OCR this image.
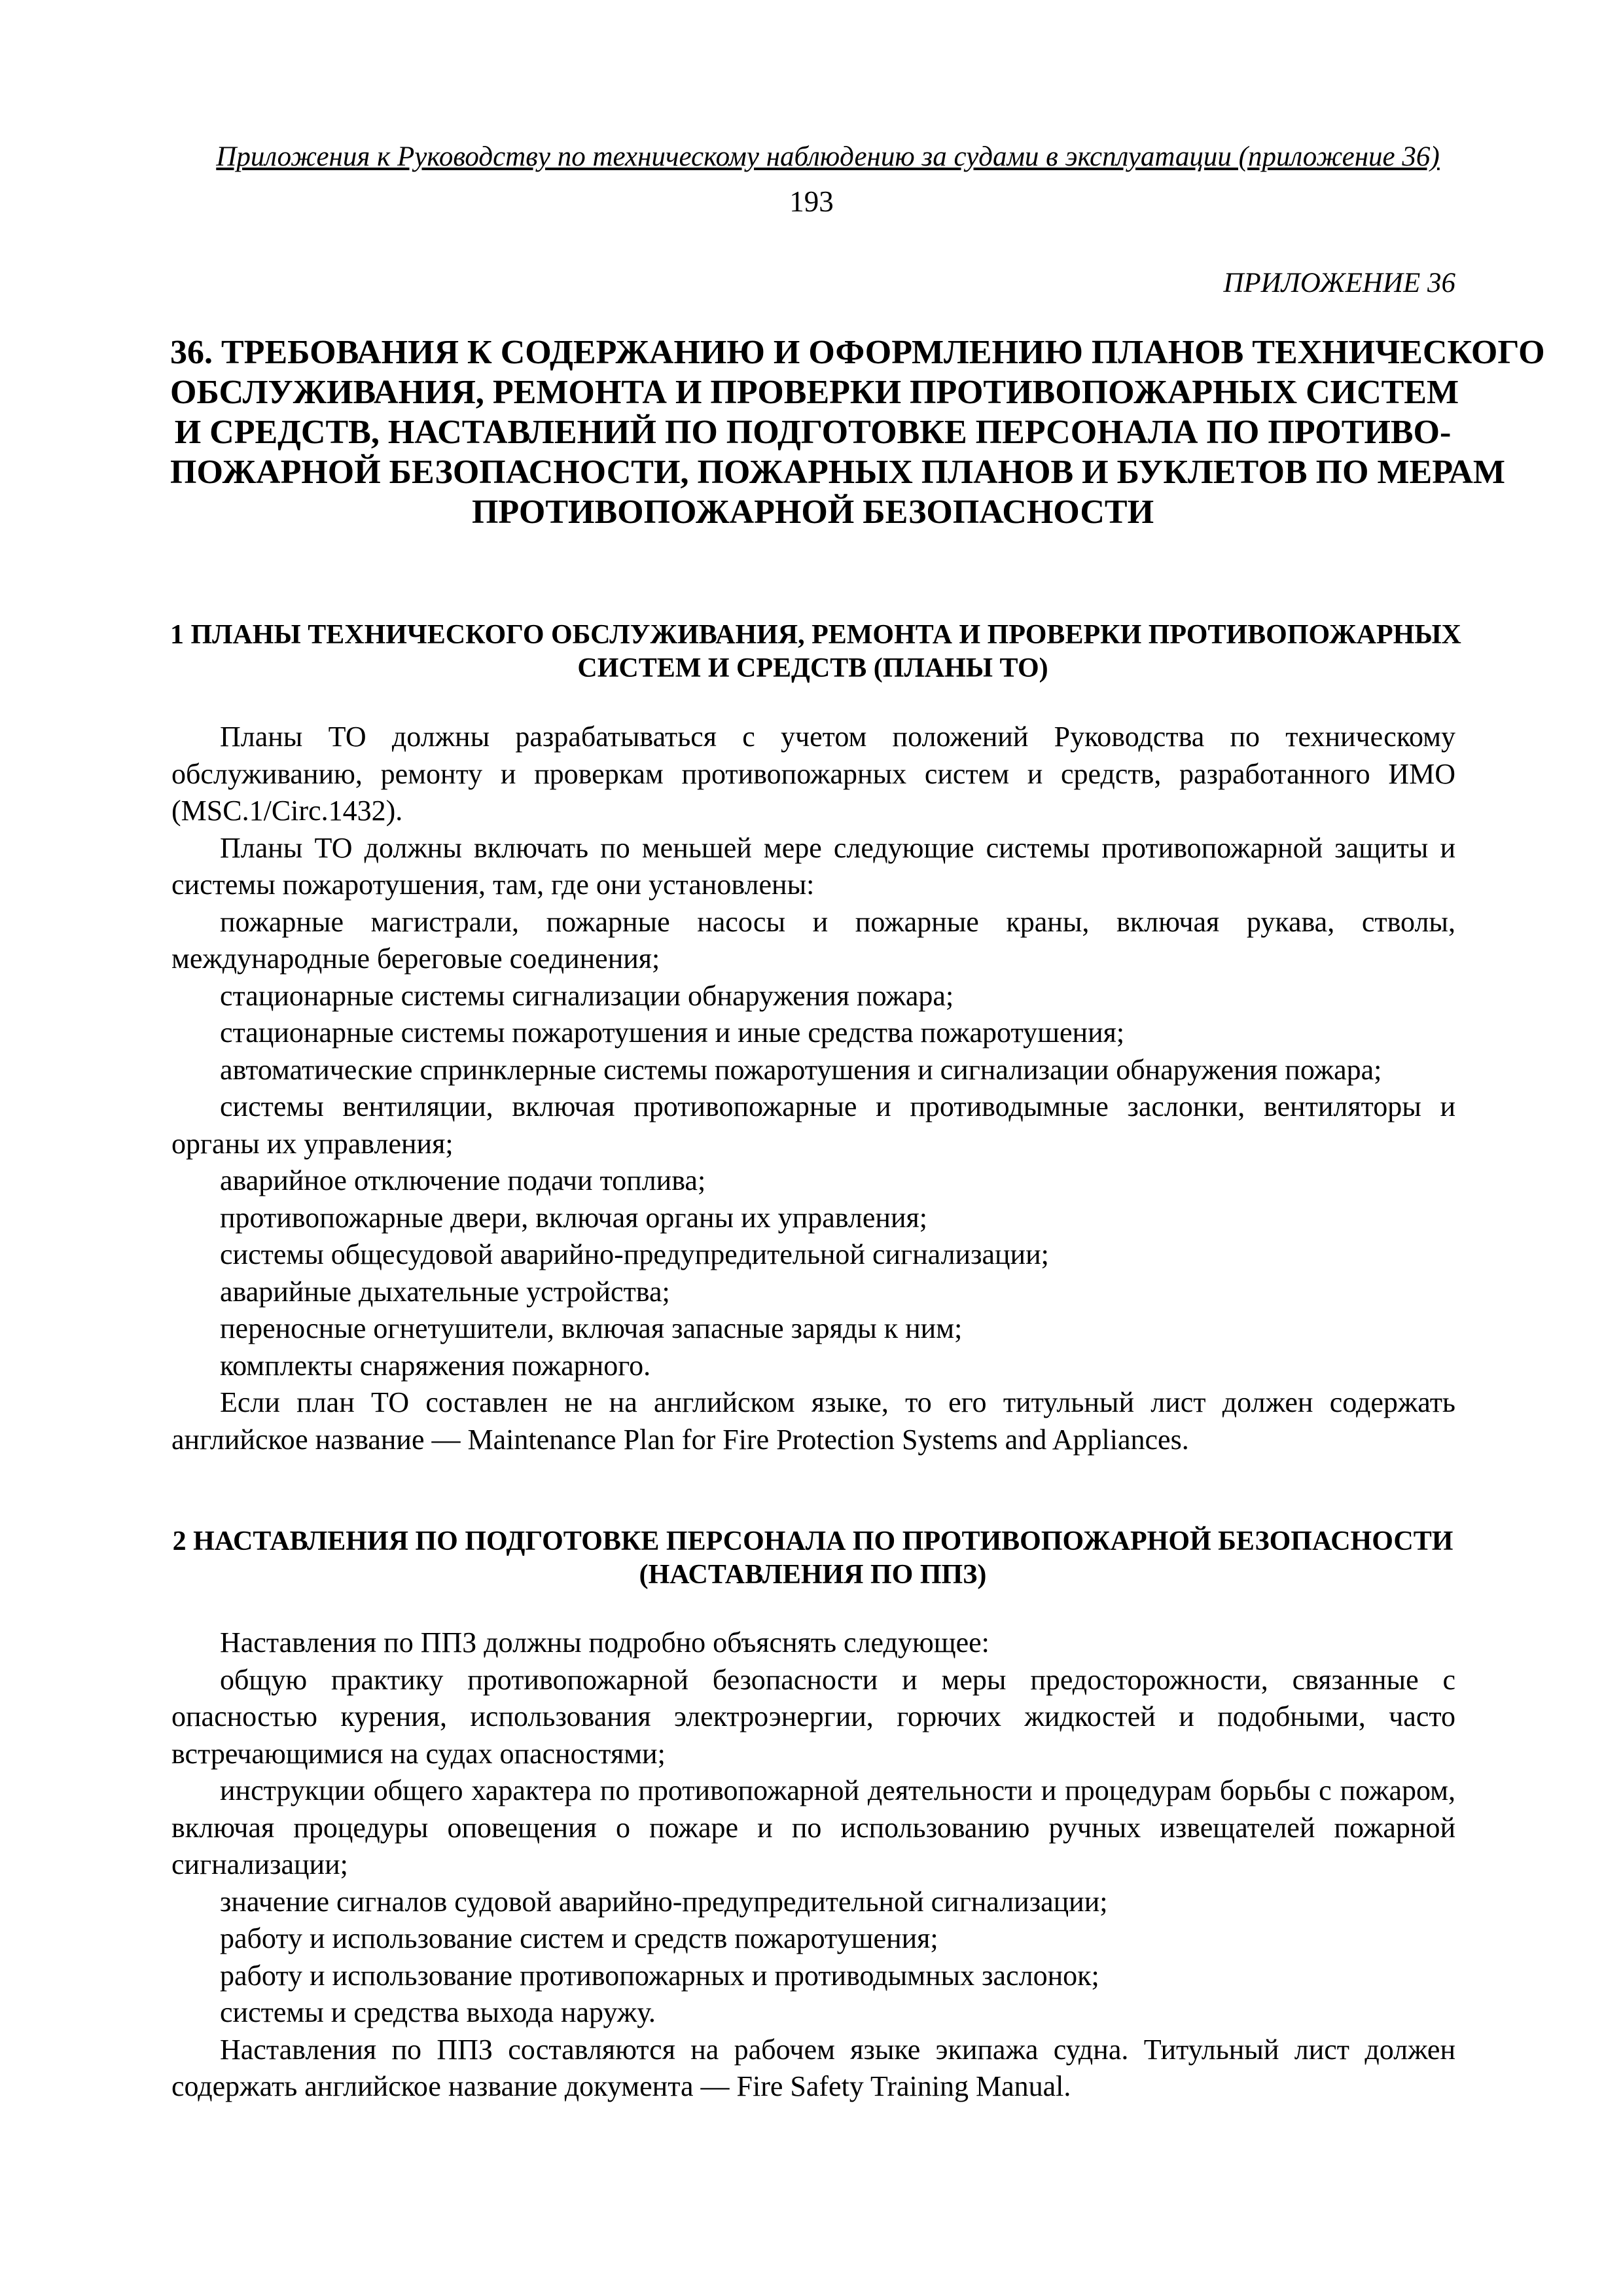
Приложения к Руководству по техническому наблюдению за судами в эксплуатации (приложение 36)
193
ПРИЛОЖЕНИЕ 36
36. ТРЕБОВАНИЯ К СОДЕРЖАНИЮ И ОФОРМЛЕНИЮ ПЛАНОВ ТЕХНИЧЕСКОГО
ОБСЛУЖИВАНИЯ, РЕМОНТА И ПРОВЕРКИ ПРОТИВОПОЖАРНЫХ СИСТЕМ
И СРЕДСТВ, НАСТАВЛЕНИЙ ПО ПОДГОТОВКЕ ПЕРСОНАЛА ПО ПРОТИВО-
ПОЖАРНОЙ БЕЗОПАСНОСТИ, ПОЖАРНЫХ ПЛАНОВ И БУКЛЕТОВ ПО МЕРАМ
ПРОТИВОПОЖАРНОЙ БЕЗОПАСНОСТИ
1 ПЛАНЫ ТЕХНИЧЕСКОГО ОБСЛУЖИВАНИЯ, РЕМОНТА И ПРОВЕРКИ ПРОТИВОПОЖАРНЫХ
СИСТЕМ И СРЕДСТВ (ПЛАНЫ ТО)

Планы ТО должны разрабатываться с учетом положений Руководства по техническому обслуживанию, ремонту и проверкам противопожарных систем и средств, разработанного ИМО (MSC.1/Circ.1432).

Планы ТО должны включать по меньшей мере следующие системы противопожарной защиты и системы пожаротушения, там, где они установлены:

пожарные магистрали, пожарные насосы и пожарные краны, включая рукава, стволы, международные береговые соединения;

стационарные системы сигнализации обнаружения пожара;

стационарные системы пожаротушения и иные средства пожаротушения;

автоматические спринклерные системы пожаротушения и сигнализации обнаружения пожара;

системы вентиляции, включая противопожарные и противодымные заслонки, вентиляторы и органы их управления;

аварийное отключение подачи топлива;

противопожарные двери, включая органы их управления;

системы общесудовой аварийно-предупредительной сигнализации;

аварийные дыхательные устройства;

переносные огнетушители, включая запасные заряды к ним;

комплекты снаряжения пожарного.

Если план ТО составлен не на английском языке, то его титульный лист должен содержать английское название — Maintenance Plan for Fire Protection Systems and Appliances.

2 НАСТАВЛЕНИЯ ПО ПОДГОТОВКЕ ПЕРСОНАЛА ПО ПРОТИВОПОЖАРНОЙ БЕЗОПАСНОСТИ
(НАСТАВЛЕНИЯ ПО ППЗ)

Наставления по ППЗ должны подробно объяснять следующее:

общую практику противопожарной безопасности и меры предосторожности, связанные с опасностью курения, использования электроэнергии, горючих жидкостей и подобными, часто встречающимися на судах опасностями;

инструкции общего характера по противопожарной деятельности и процедурам борьбы с пожаром, включая процедуры оповещения о пожаре и по использованию ручных извещателей пожарной сигнализации;

значение сигналов судовой аварийно-предупредительной сигнализации;

работу и использование систем и средств пожаротушения;

работу и использование противопожарных и противодымных заслонок;

системы и средства выхода наружу.

Наставления по ППЗ составляются на рабочем языке экипажа судна. Титульный лист должен содержать английское название документа — Fire Safety Training Manual.
